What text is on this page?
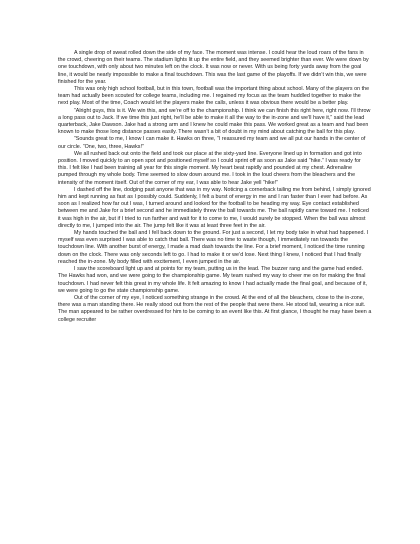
A single drop of sweat rolled down the side of my face. The moment was intense. I could hear the loud roars of the fans in the crowd, cheering on their teams. The stadium lights lit up the entire field, and they seemed brighter than ever. We were down by one touchdown, with only about two minutes left on the clock. It was now or never. With us being forty yards away from the goal line, it would be nearly impossible to make a final touchdown. This was the last game of the playoffs. If we didn’t win this, we were finished for the year.

This was only high school football, but in this town, football was the important thing about school. Many of the players on the team had actually been scouted for college teams, including me. I regained my focus as the team huddled together to make the next play. Most of the time, Coach would let the players make the calls, unless it was obvious there would be a better play.

“Alright guys, this is it. We win this, and we’re off to the championship. I think we can finish this right here, right now. I’ll throw a long pass out to Jack. If we time this just right, he’ll be able to make it all the way to the in-zone and we’ll have it,” said the lead quarterback, Jake Dawson. Jake had a strong arm and I knew he could make this pass. We worked great as a team and had been known to make those long distance passes easily. There wasn’t a bit of doubt in my mind about catching the ball for this play.

“Sounds great to me, I know I can make it. Hawks on three, “I reassured my team and we all put our hands in the center of our circle. “One, two, three, Hawks!”

We all rushed back out onto the field and took our place at the sixty-yard line. Everyone lined up in formation and got into position. I moved quickly to an open spot and positioned myself so I could sprint off as soon as Jake said “hike.” I was ready for this. I felt like I had been training all year for this single moment. My heart beat rapidly and pounded at my chest. Adrenaline pumped through my whole body. Time seemed to slow down around me. I took in the loud cheers from the bleachers and the intensity of the moment itself. Out of the corner of my ear, I was able to hear Jake yell “hike!”

I dashed off the line, dodging past anyone that was in my way. Noticing a cornerback tailing me from behind, I simply ignored him and kept running as fast as I possibly could. Suddenly, I felt a burst of energy in me and I ran faster than I ever had before. As soon as I realized how far out I was, I turned around and looked for the football to be heading my way. Eye contact established between me and Jake for a brief second and he immediately threw the ball towards me. The ball rapidly came toward me. I noticed it was high in the air, but if I tried to run farther and wait for it to come to me, I would surely be stopped. When the ball was almost directly to me, I jumped into the air. The jump felt like it was at least three feet in the air.

My hands touched the ball and I fell back down to the ground. For just a second, I let my body take in what had happened. I myself was even surprised I was able to catch that ball. There was no time to waste though, I immediately ran towards the touchdown line. With another burst of energy, I made a mad dash towards the line. For a brief moment, I noticed the time running down on the clock. There was only seconds left to go. I had to make it or we’d lose. Next thing I knew, I noticed that I had finally reached the in-zone. My body filled with excitement, I even jumped in the air.

I saw the scoreboard light up and at points for my team, putting us in the lead. The buzzer rang and the game had ended. The Hawks had won, and we were going to the championship game. My team rushed my way to cheer me on for making the final touchdown. I had never felt this great in my whole life. It felt amazing to know I had actually made the final goal, and because of it, we were going to go the state championship game.

Out of the corner of my eye, I noticed something strange in the crowd. At the end of all the bleachers, close to the in-zone, there was a man standing there. He really stood out from the rest of the people that were there. He stood tall, wearing a nice suit. The man appeared to be rather overdressed for him to be coming to an event like this. At first glance, I thought he may have been a college recruiter
